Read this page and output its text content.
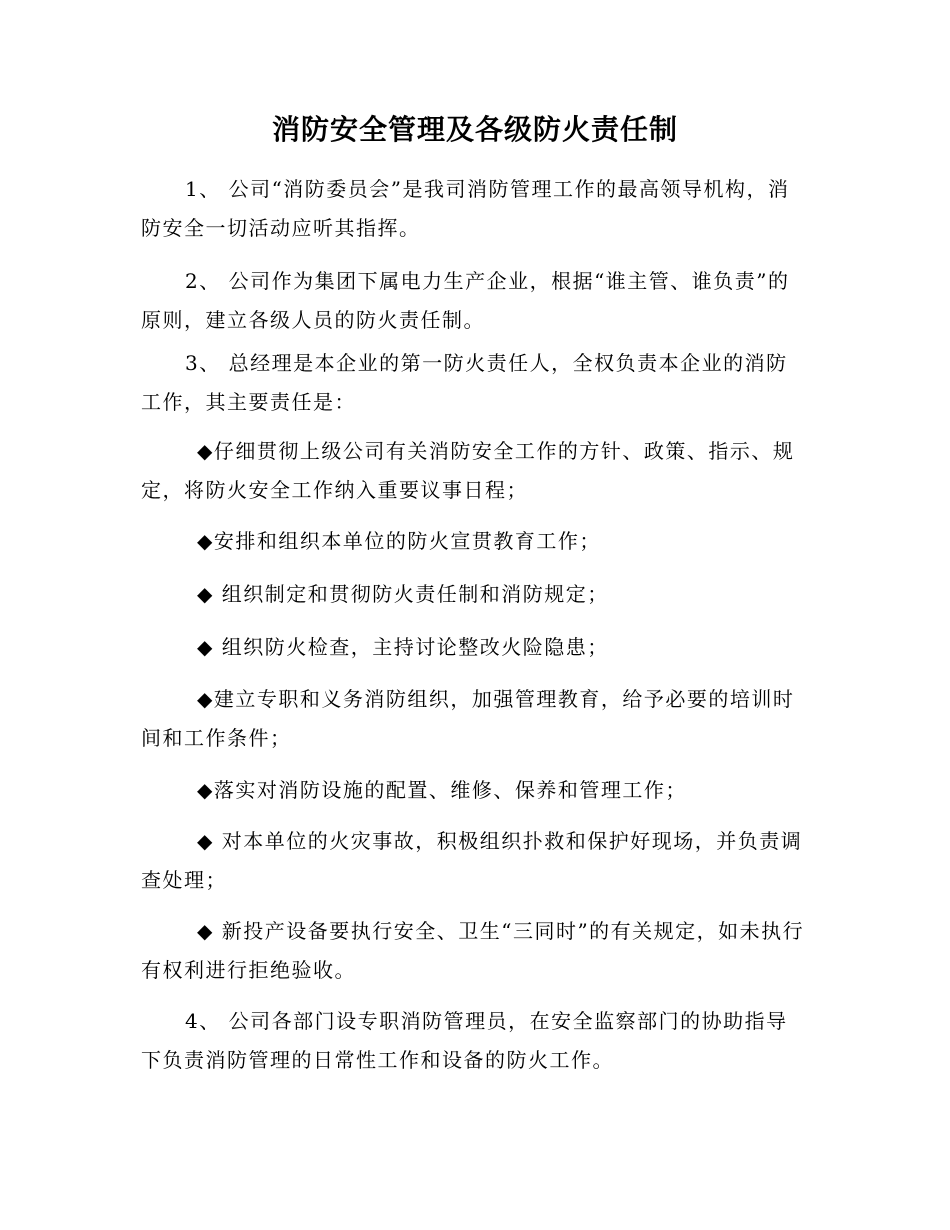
消防安全管理及各级防火责任制

1、 公司“消防委员会”是我司消防管理工作的最高领导机构，消防安全一切活动应听其指挥。

2、 公司作为集团下属电力生产企业，根据“谁主管、谁负责”的原则，建立各级人员的防火责任制。

3、 总经理是本企业的第一防火责任人，全权负责本企业的消防工作，其主要责任是：

◆仔细贯彻上级公司有关消防安全工作的方针、政策、指示、规定，将防火安全工作纳入重要议事日程；

◆安排和组织本单位的防火宣贯教育工作；

◆ 组织制定和贯彻防火责任制和消防规定；

◆ 组织防火检查，主持讨论整改火险隐患；

◆建立专职和义务消防组织，加强管理教育，给予必要的培训时间和工作条件；

◆落实对消防设施的配置、维修、保养和管理工作；

◆ 对本单位的火灾事故，积极组织扑救和保护好现场，并负责调查处理；

◆ 新投产设备要执行安全、卫生“三同时”的有关规定，如未执行有权利进行拒绝验收。

4、 公司各部门设专职消防管理员，在安全监察部门的协助指导下负责消防管理的日常性工作和设备的防火工作。
